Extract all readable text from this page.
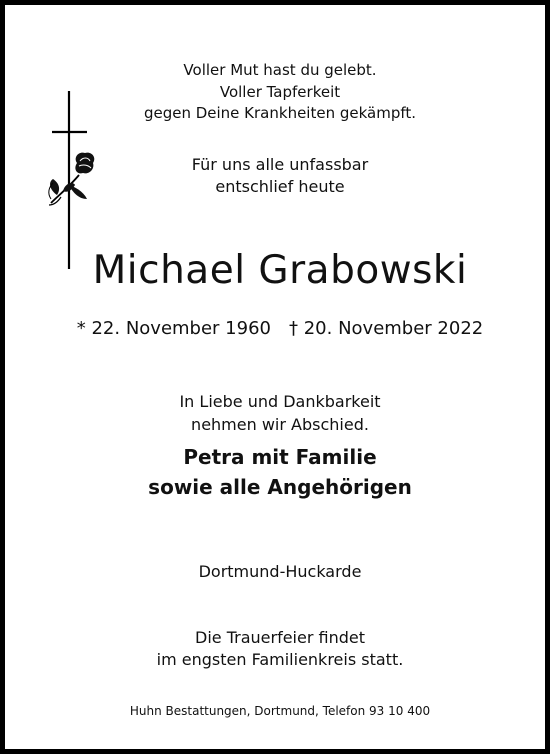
Voller Mut hast du gelebt.
Voller Tapferkeit
gegen Deine Krankheiten gekämpft.
Für uns alle unfassbar
entschlief heute
Michael Grabowski
* 22. November 1960 † 20. November 2022
In Liebe und Dankbarkeit
nehmen wir Abschied.
Petra mit Familie
sowie alle Angehörigen
Dortmund-Huckarde
Die Trauerfeier findet
im engsten Familienkreis statt.
Huhn Bestattungen, Dortmund, Telefon 93 10 400
